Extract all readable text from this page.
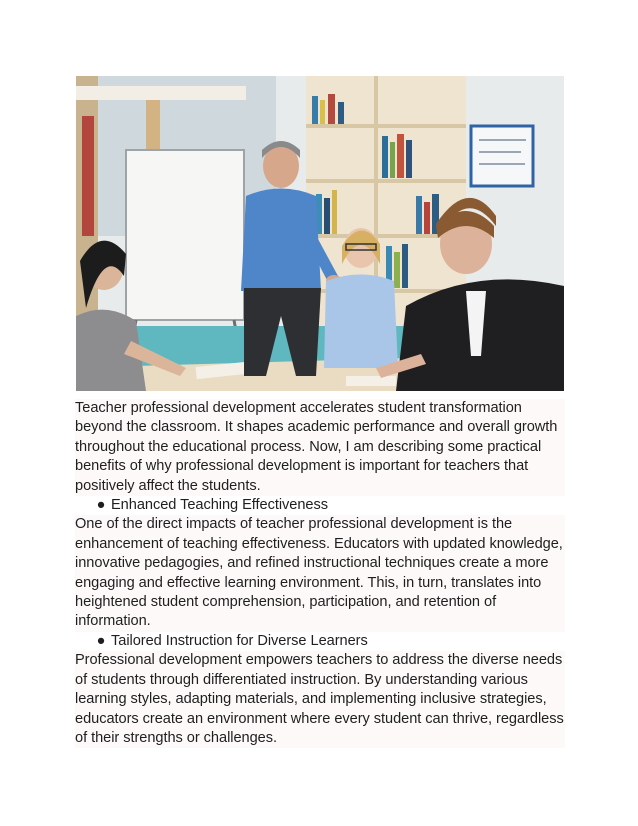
Teacher professional development accelerates student transformation beyond the classroom. It shapes academic performance and overall growth throughout the educational process. Now, I am describing some practical benefits of why professional development is important for teachers that positively affect the students.

● Enhanced Teaching Effectiveness

One of the direct impacts of teacher professional development is the enhancement of teaching effectiveness. Educators with updated knowledge, innovative pedagogies, and refined instructional techniques create a more engaging and effective learning environment. This, in turn, translates into heightened student comprehension, participation, and retention of information.

● Tailored Instruction for Diverse Learners

Professional development empowers teachers to address the diverse needs of students through differentiated instruction. By understanding various learning styles, adapting materials, and implementing inclusive strategies, educators create an environment where every student can thrive, regardless of their strengths or challenges.
